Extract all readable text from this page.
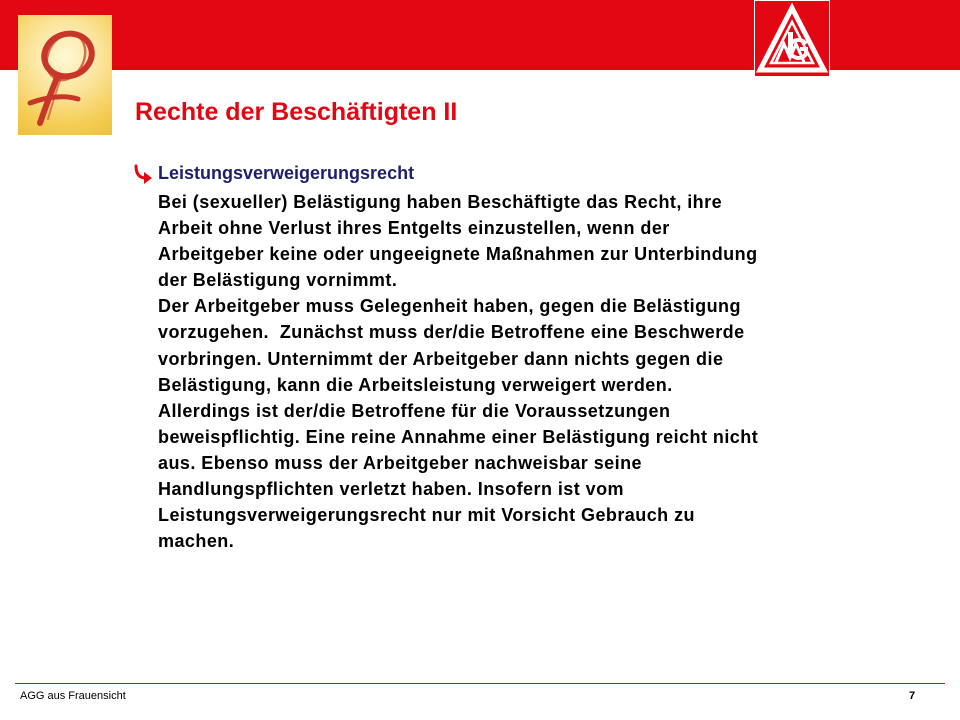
Rechte der Beschäftigten II
Leistungsverweigerungsrecht
Bei (sexueller) Belästigung haben Beschäftigte das Recht, ihre
Arbeit ohne Verlust ihres Entgelts einzustellen, wenn der
Arbeitgeber keine oder ungeeignete Maßnahmen zur Unterbindung
der Belästigung vornimmt.
Der Arbeitgeber muss Gelegenheit haben, gegen die Belästigung
vorzugehen.  Zunächst muss der/die Betroffene eine Beschwerde
vorbringen. Unternimmt der Arbeitgeber dann nichts gegen die
Belästigung, kann die Arbeitsleistung verweigert werden.
Allerdings ist der/die Betroffene für die Voraussetzungen
beweispflichtig. Eine reine Annahme einer Belästigung reicht nicht
aus. Ebenso muss der Arbeitgeber nachweisbar seine
Handlungspflichten verletzt haben. Insofern ist vom
Leistungsverweigerungsrecht nur mit Vorsicht Gebrauch zu
machen.
AGG aus Frauensicht	7
